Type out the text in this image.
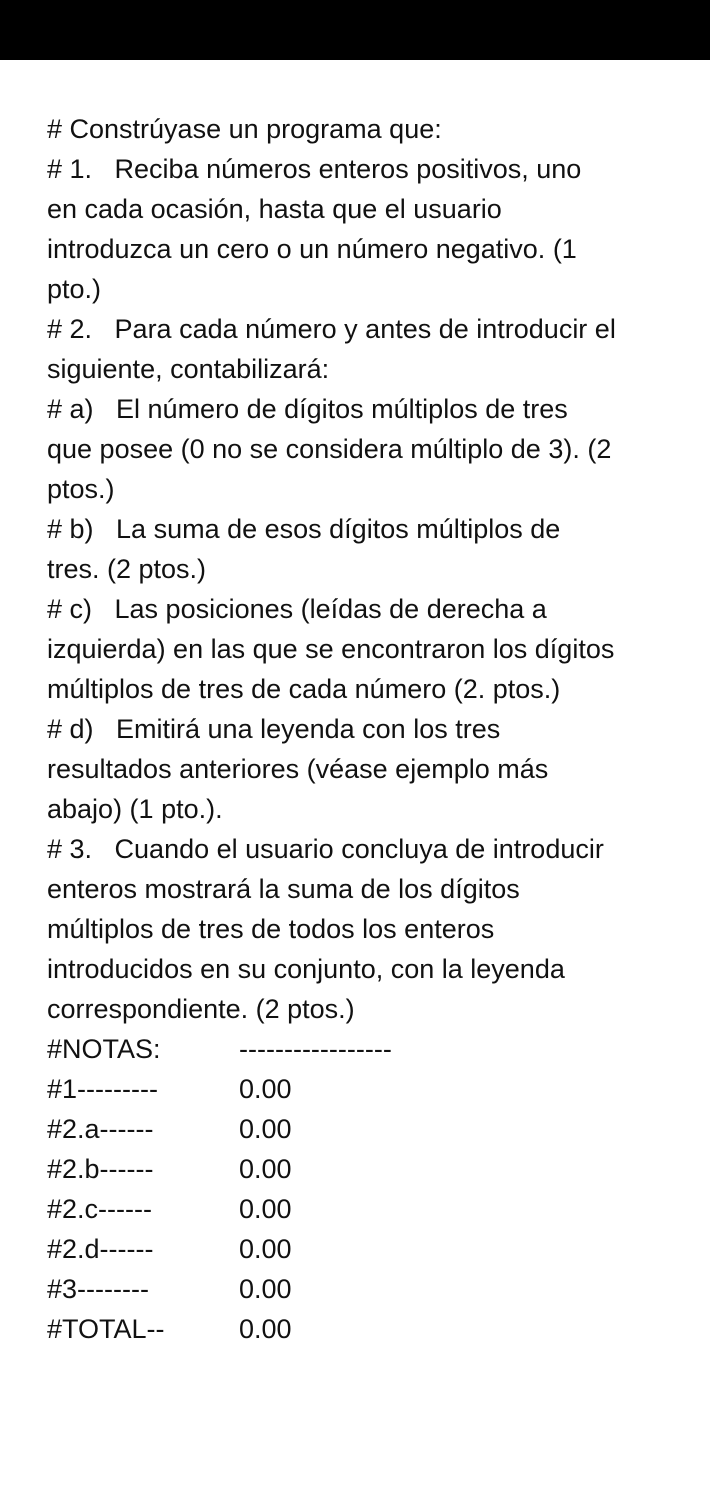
# Constrúyase un programa que:
# 1.   Reciba números enteros positivos, uno
en cada ocasión, hasta que el usuario
introduzca un cero o un número negativo. (1
pto.)
# 2.   Para cada número y antes de introducir el
siguiente, contabilizará:
# a)   El número de dígitos múltiplos de tres
que posee (0 no se considera múltiplo de 3). (2
ptos.)
# b)   La suma de esos dígitos múltiplos de
tres. (2 ptos.)
# c)   Las posiciones (leídas de derecha a
izquierda) en las que se encontraron los dígitos
múltiplos de tres de cada número (2. ptos.)
# d)   Emitirá una leyenda con los tres
resultados anteriores (véase ejemplo más
abajo) (1 pto.).
# 3.   Cuando el usuario concluya de introducir
enteros mostrará la suma de los dígitos
múltiplos de tres de todos los enteros
introducidos en su conjunto, con la leyenda
correspondiente. (2 ptos.)

#NOTAS:

	-----------------

#1---------

	0.00

#2.a------

	0.00

#2.b------

	0.00

#2.c------

	0.00

#2.d------

	0.00

#3--------

	0.00

#TOTAL--

	0.00
